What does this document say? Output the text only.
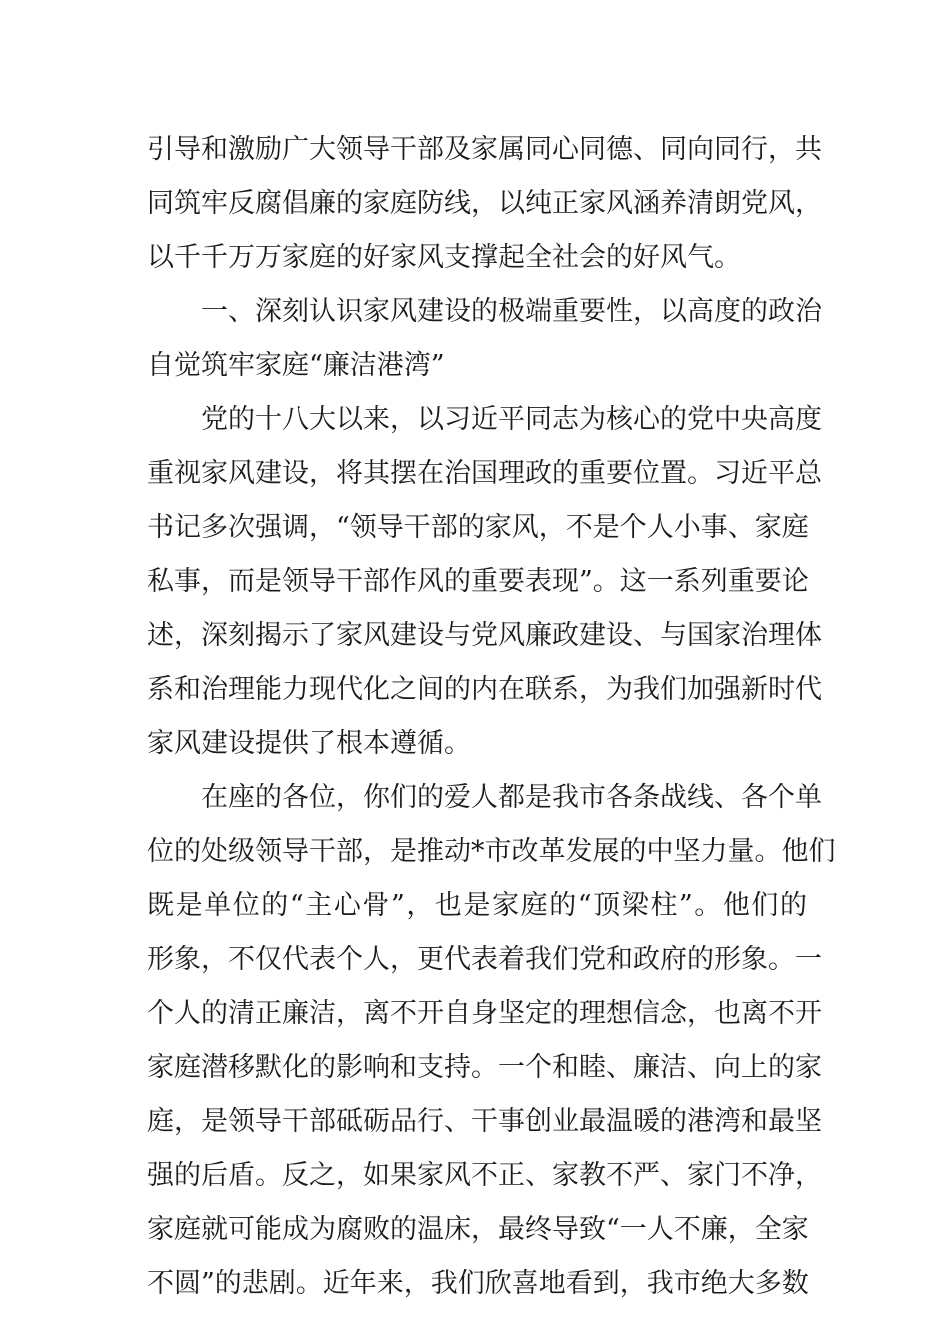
引导和激励广大领导干部及家属同心同德、同向同行，共
同筑牢反腐倡廉的家庭防线，以纯正家风涵养清朗党风，
以千千万万家庭的好家风支撑起全社会的好风气。
一、深刻认识家风建设的极端重要性，以高度的政治
自觉筑牢家庭“廉洁港湾”
党的十八大以来，以习近平同志为核心的党中央高度
重视家风建设，将其摆在治国理政的重要位置。习近平总
书记多次强调，“领导干部的家风，不是个人小事、家庭
私事，而是领导干部作风的重要表现”。这一系列重要论
述，深刻揭示了家风建设与党风廉政建设、与国家治理体
系和治理能力现代化之间的内在联系，为我们加强新时代
家风建设提供了根本遵循。
在座的各位，你们的爱人都是我市各条战线、各个单
位的处级领导干部，是推动*市改革发展的中坚力量。他们
既是单位的“主心骨”，也是家庭的“顶梁柱”。他们的
形象，不仅代表个人，更代表着我们党和政府的形象。一
个人的清正廉洁，离不开自身坚定的理想信念，也离不开
家庭潜移默化的影响和支持。一个和睦、廉洁、向上的家
庭，是领导干部砥砺品行、干事创业最温暖的港湾和最坚
强的后盾。反之，如果家风不正、家教不严、家门不净，
家庭就可能成为腐败的温床，最终导致“一人不廉，全家
不圆”的悲剧。近年来，我们欣喜地看到，我市绝大多数
